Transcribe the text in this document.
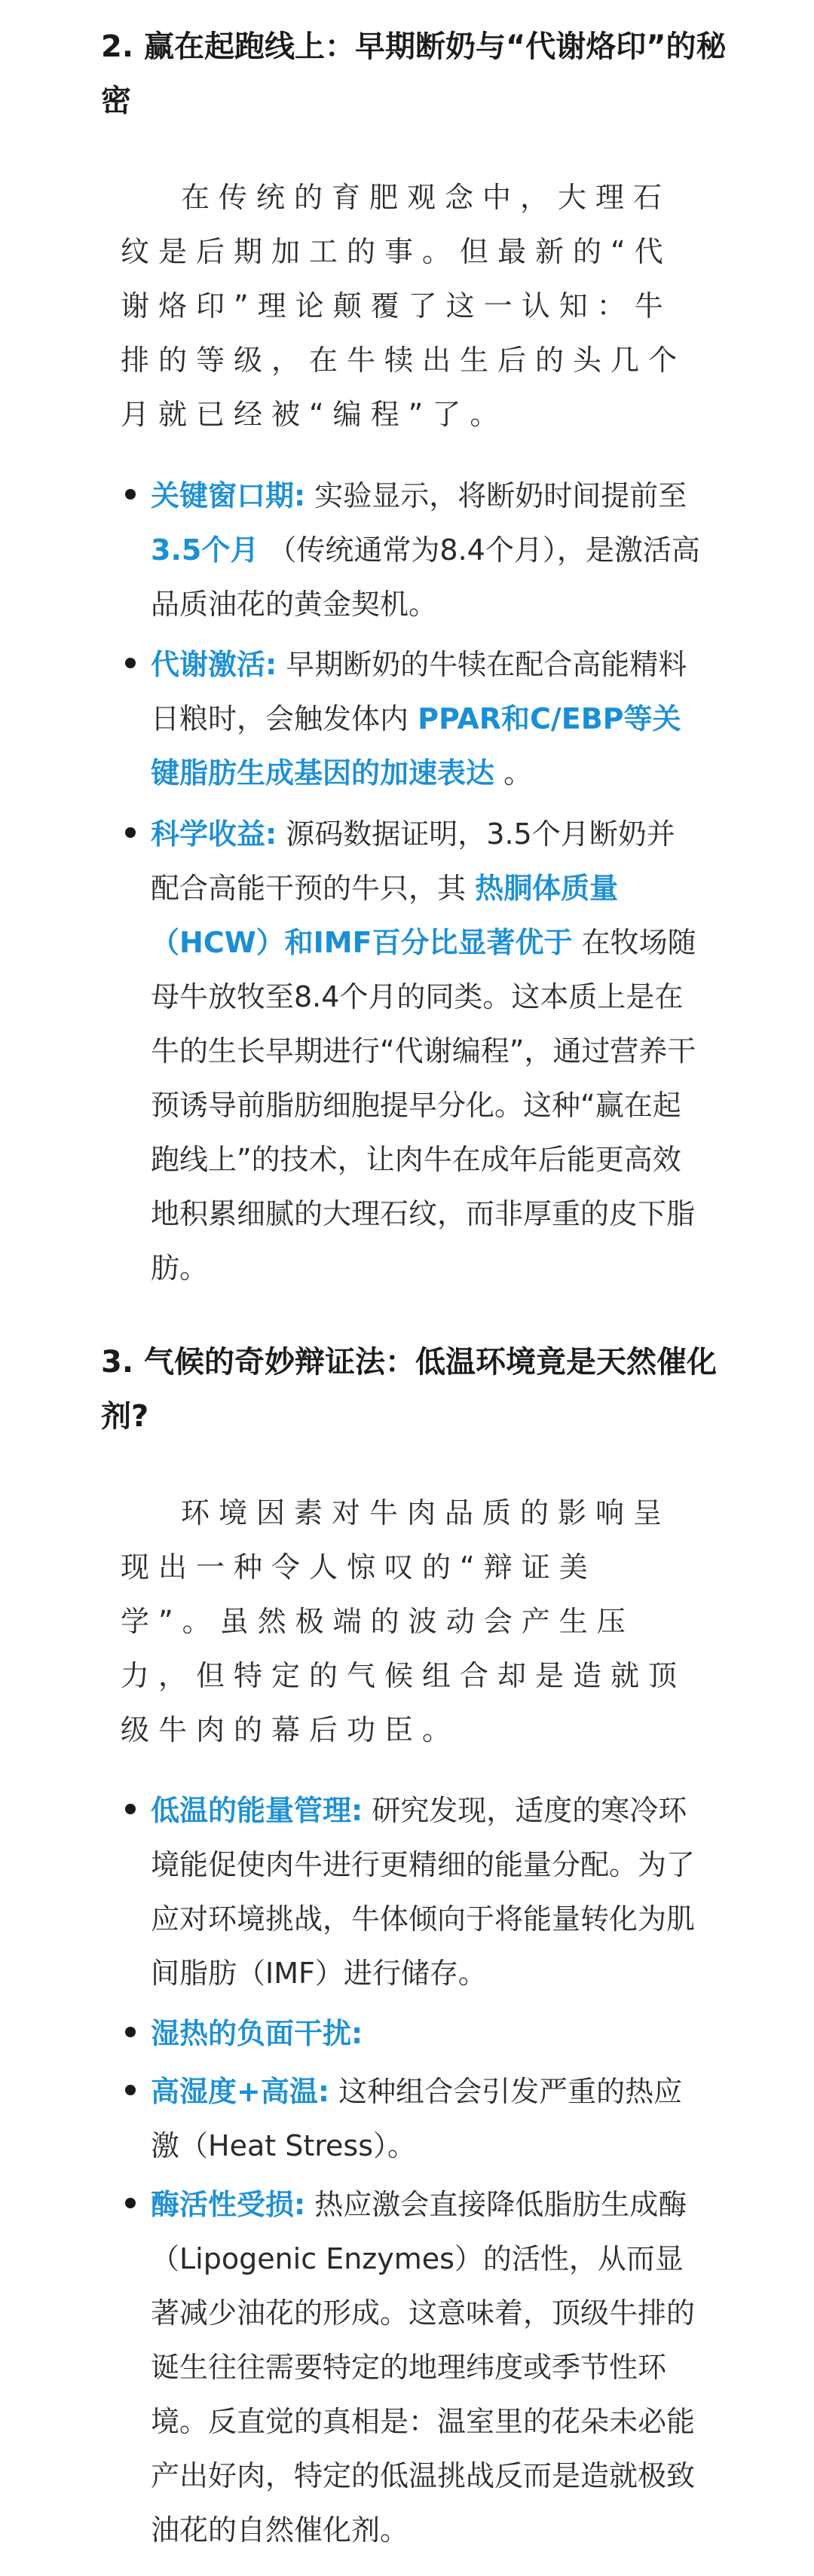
2. 赢在起跑线上：早期断奶与“代谢烙印”的秘密
在传统的育肥观念中，大理石纹是后期加工的事。但最新的“代谢烙印”理论颠覆了这一认知：牛排的等级，在牛犊出生后的头几个月就已经被“编程”了。
关键窗口期: 实验显示，将断奶时间提前至 3.5个月 （传统通常为8.4个月），是激活高品质油花的黄金契机。
代谢激活: 早期断奶的牛犊在配合高能精料日粮时，会触发体内 PPAR和C/EBP等关键脂肪生成基因的加速表达 。
科学收益: 源码数据证明，3.5个月断奶并配合高能干预的牛只，其 热胴体质量（HCW）和IMF百分比显著优于 在牧场随母牛放牧至8.4个月的同类。这本质上是在牛的生长早期进行“代谢编程”，通过营养干预诱导前脂肪细胞提早分化。这种“赢在起跑线上”的技术，让肉牛在成年后能更高效地积累细腻的大理石纹，而非厚重的皮下脂肪。
3. 气候的奇妙辩证法：低温环境竟是天然催化剂?
环境因素对牛肉品质的影响呈现出一种令人惊叹的“辩证美学”。虽然极端的波动会产生压力，但特定的气候组合却是造就顶级牛肉的幕后功臣。
低温的能量管理: 研究发现，适度的寒冷环境能促使肉牛进行更精细的能量分配。为了应对环境挑战，牛体倾向于将能量转化为肌间脂肪（IMF）进行储存。
湿热的负面干扰:
高湿度+高温: 这种组合会引发严重的热应激（Heat Stress）。
酶活性受损: 热应激会直接降低脂肪生成酶（Lipogenic Enzymes）的活性，从而显著减少油花的形成。这意味着，顶级牛排的诞生往往需要特定的地理纬度或季节性环境。反直觉的真相是：温室里的花朵未必能产出好肉，特定的低温挑战反而是造就极致油花的自然催化剂。
